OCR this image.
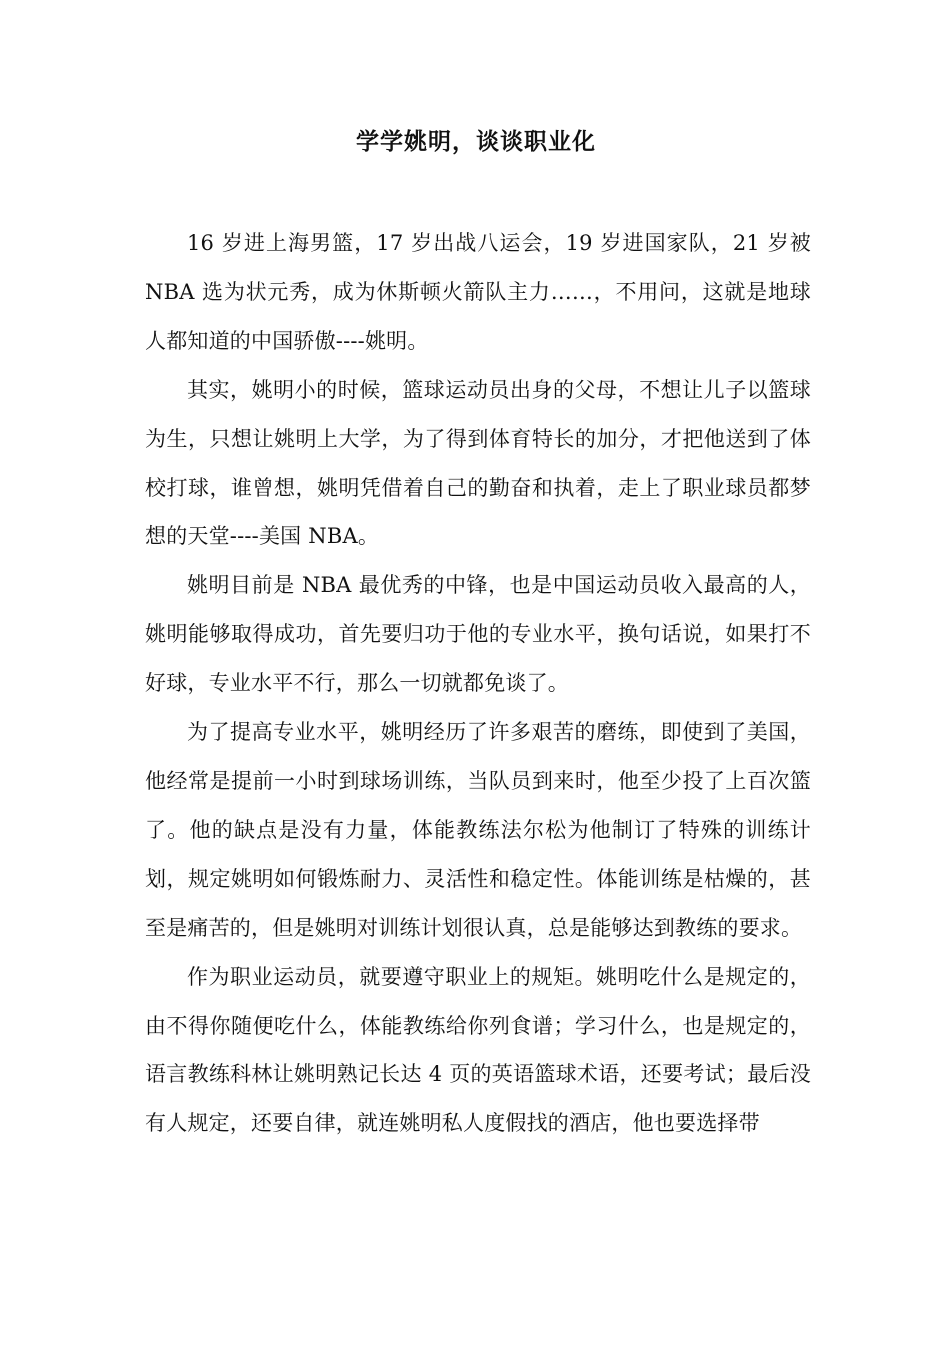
学学姚明，谈谈职业化

16 岁进上海男篮，17 岁出战八运会，19 岁进国家队，21 岁被 NBA 选为状元秀，成为休斯顿火箭队主力……，不用问，这就是地球人都知道的中国骄傲----姚明。

其实，姚明小的时候，篮球运动员出身的父母，不想让儿子以篮球为生，只想让姚明上大学，为了得到体育特长的加分，才把他送到了体校打球，谁曾想，姚明凭借着自己的勤奋和执着，走上了职业球员都梦想的天堂----美国 NBA。

姚明目前是 NBA 最优秀的中锋，也是中国运动员收入最高的人，姚明能够取得成功，首先要归功于他的专业水平，换句话说，如果打不好球，专业水平不行，那么一切就都免谈了。

为了提高专业水平，姚明经历了许多艰苦的磨练，即使到了美国，他经常是提前一小时到球场训练，当队员到来时，他至少投了上百次篮了。他的缺点是没有力量，体能教练法尔松为他制订了特殊的训练计划，规定姚明如何锻炼耐力、灵活性和稳定性。体能训练是枯燥的，甚至是痛苦的，但是姚明对训练计划很认真，总是能够达到教练的要求。

作为职业运动员，就要遵守职业上的规矩。姚明吃什么是规定的，由不得你随便吃什么，体能教练给你列食谱；学习什么，也是规定的，语言教练科林让姚明熟记长达 4 页的英语篮球术语，还要考试；最后没有人规定，还要自律，就连姚明私人度假找的酒店，他也要选择带
